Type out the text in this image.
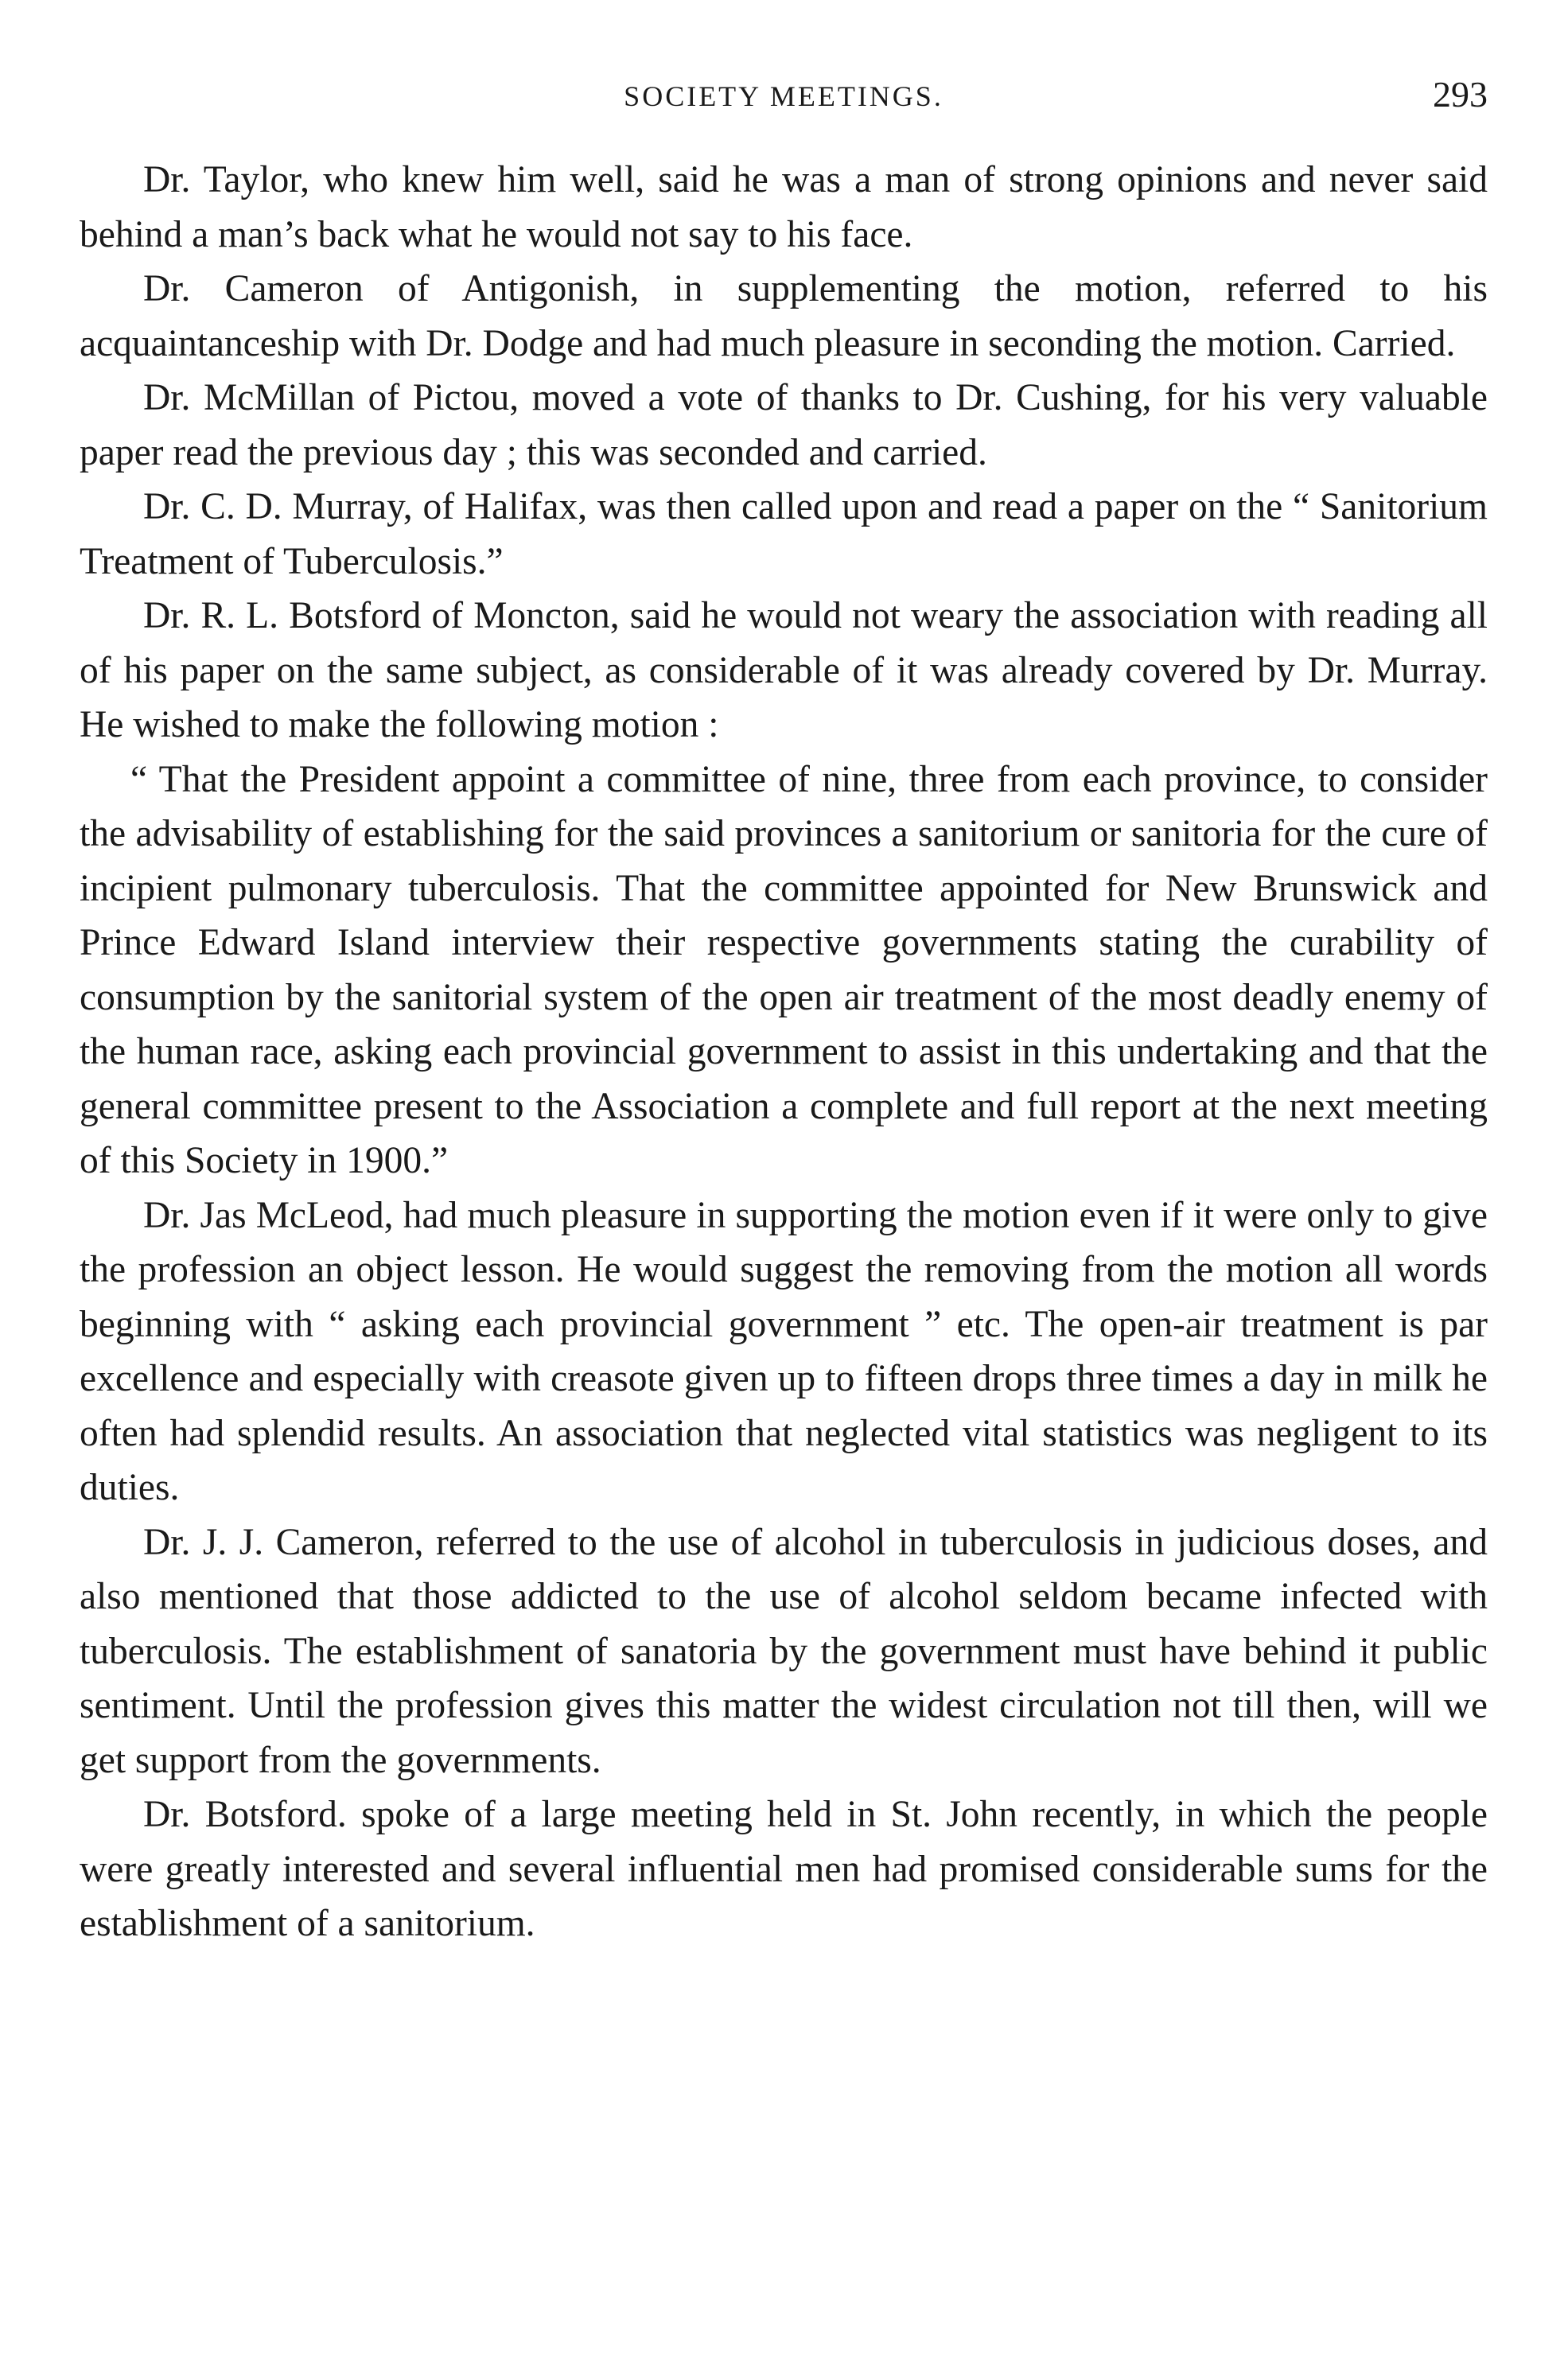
SOCIETY MEETINGS.	293

Dr. Taylor, who knew him well, said he was a man of strong opinions and never said behind a man’s back what he would not say to his face.

Dr. Cameron of Antigonish, in supplementing the motion, referred to his acquaintanceship with Dr. Dodge and had much pleasure in seconding the motion. Carried.

Dr. McMillan of Pictou, moved a vote of thanks to Dr. Cushing, for his very valuable paper read the previous day ; this was seconded and carried.

Dr. C. D. Murray, of Halifax, was then called upon and read a paper on the “ Sanitorium Treatment of Tuberculosis.”

Dr. R. L. Botsford of Moncton, said he would not weary the association with reading all of his paper on the same subject, as considerable of it was already covered by Dr. Murray. He wished to make the following motion :

“ That the President appoint a committee of nine, three from each province, to consider the advisability of establishing for the said provinces a sanitorium or sanitoria for the cure of incipient pulmonary tuberculosis. That the committee appointed for New Brunswick and Prince Edward Island interview their respective governments stating the curability of consumption by the sanitorial system of the open air treatment of the most deadly enemy of the human race, asking each provincial government to assist in this undertaking and that the general committee present to the Association a complete and full report at the next meeting of this Society in 1900.”

Dr. Jas McLeod, had much pleasure in supporting the motion even if it were only to give the profession an object lesson. He would suggest the removing from the motion all words beginning with “ asking each provincial government ” etc. The open-air treatment is par excellence and especially with creasote given up to fifteen drops three times a day in milk he often had splendid results. An association that neglected vital statistics was negligent to its duties.

Dr. J. J. Cameron, referred to the use of alcohol in tuberculosis in judicious doses, and also mentioned that those addicted to the use of alcohol seldom became infected with tuberculosis. The establishment of sanatoria by the government must have behind it public sentiment. Until the profession gives this matter the widest circulation not till then, will we get support from the governments.

Dr. Botsford. spoke of a large meeting held in St. John recently, in which the people were greatly interested and several influential men had promised considerable sums for the establishment of a sanitorium.
